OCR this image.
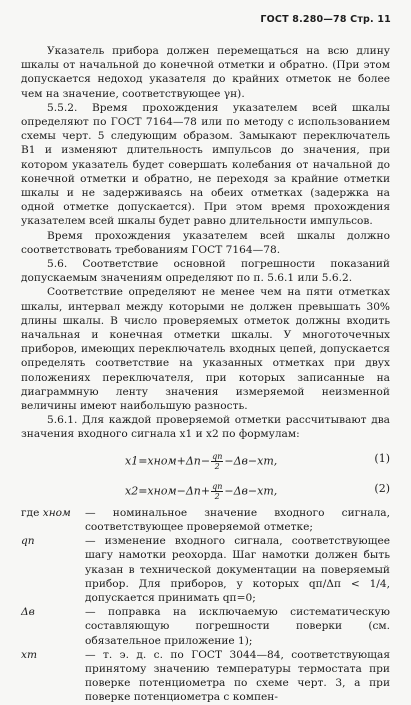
ГОСТ 8.280—78 Стр. 11

Указатель прибора должен перемещаться на всю длину шкалы от начальной до конечной отметки и обратно. (При этом допускается недоход указателя до крайних отметок не более чем на значение, соответствующее γн).

5.5.2. Время прохождения указателем всей шкалы определяют по ГОСТ 7164—78 или по методу с использованием схемы черт. 5 следующим образом. Замыкают переключатель B1 и изменяют длительность импульсов до значения, при котором указатель будет совершать колебания от начальной до конечной отметки и обратно, не переходя за крайние отметки шкалы и не задерживаясь на обеих отметках (задержка на одной отметке допускается). При этом время прохождения указателем всей шкалы будет равно длительности импульсов.

Время прохождения указателем всей шкалы должно соответствовать требованиям ГОСТ 7164—78.

5.6. Соответствие основной погрешности показаний допускаемым значениям определяют по п. 5.6.1 или 5.6.2.

Соответствие определяют не менее чем на пяти отметках шкалы, интервал между которыми не должен превышать 30% длины шкалы. В число проверяемых отметок должны входить начальная и конечная отметки шкалы. У многоточечных приборов, имеющих переключатель входных цепей, допускается определять соответствие на указанных отметках при двух положениях переключателя, при которых записанные на диаграммную ленту значения измеряемой неизменной величины имеют наибольшую разность.

5.6.1. Для каждой проверяемой отметки рассчитывают два значения входного сигнала x1 и x2 по формулам:

x1=xном+Δп− $\frac{qп}{2} -\Delta в-xт$,	(1)
x2=xном−Δп+ $\frac{qп}{2} -\Delta в-xт$,	(2)
где xном	— номинальное значение входного сигнала, соответствующее проверяемой отметке;
qп	— изменение входного сигнала, соответствующее шагу намотки реохорда. Шаг намотки должен быть указан в технической документации на поверяемый прибор. Для приборов, у которых qп/Δп < 1/4, допускается принимать qп=0;
Δв	— поправка на исключаемую систематическую составляющую погрешности поверки (см. обязательное приложение 1);
xт	— т. э. д. с. по ГОСТ 3044—84, соответствующая принятому значению температуры термостата при поверке потенциометра по схеме черт. 3, а при поверке потенциометра с компен-
